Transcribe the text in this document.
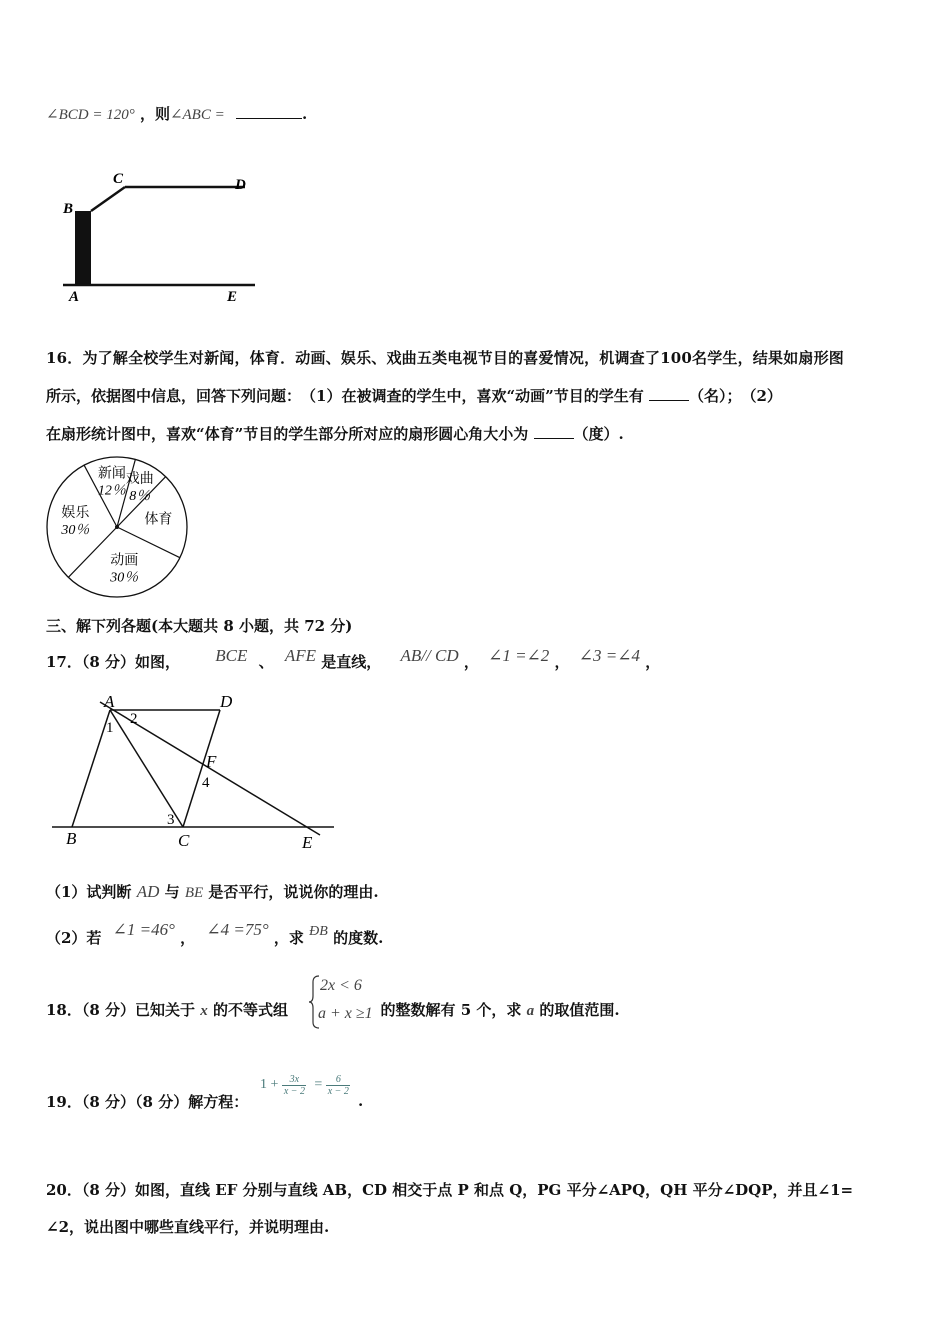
∠BCD = 120° ，则∠ABC =	.
B
C	D
A	E
16．为了解全校学生对新闻，体育．动画、娱乐、戏曲五类电视节目的喜爱情况，机调查了100名学生，结果如扇形图
所示，依据图中信息，回答下列问题：　（1）在被调查的学生中，喜欢“动画”节目的学生有	（名）；　（2）
在扇形统计图中，喜欢“体育”节目的学生部分所对应的扇形圆心角大小为	（度）.
新闻
12％
戏曲
8％
体育
动画
30％
娱乐
30％
三、解下列各题(本大题共 8 小题，共 72 分)
17．（8 分）如图， BCE 、 AFE 是直线， AB// CD ， ∠1 =∠2 ， ∠3 =∠4 ，
A	D
1
2
F
4
3
B	C	E
（1）试判断 AD 与 BE 是否平行，说说你的理由.
（2）若 ∠1 =46° ， ∠4 =75° ，求 ÐB 的度数.
18．（8 分）已知关于 x 的不等式组	的整数解有 5 个，求 a 的取值范围.
2x < 6
a + x ≥1
19．（8 分）（8 分）解方程：
1 + 3x
x − 2 = 6
x − 2
.
20．（8 分）如图，直线 EF 分别与直线 AB，CD 相交于点 P 和点 Q，PG 平分∠APQ，QH 平分∠DQP，并且∠1=
∠2，说出图中哪些直线平行，并说明理由.
